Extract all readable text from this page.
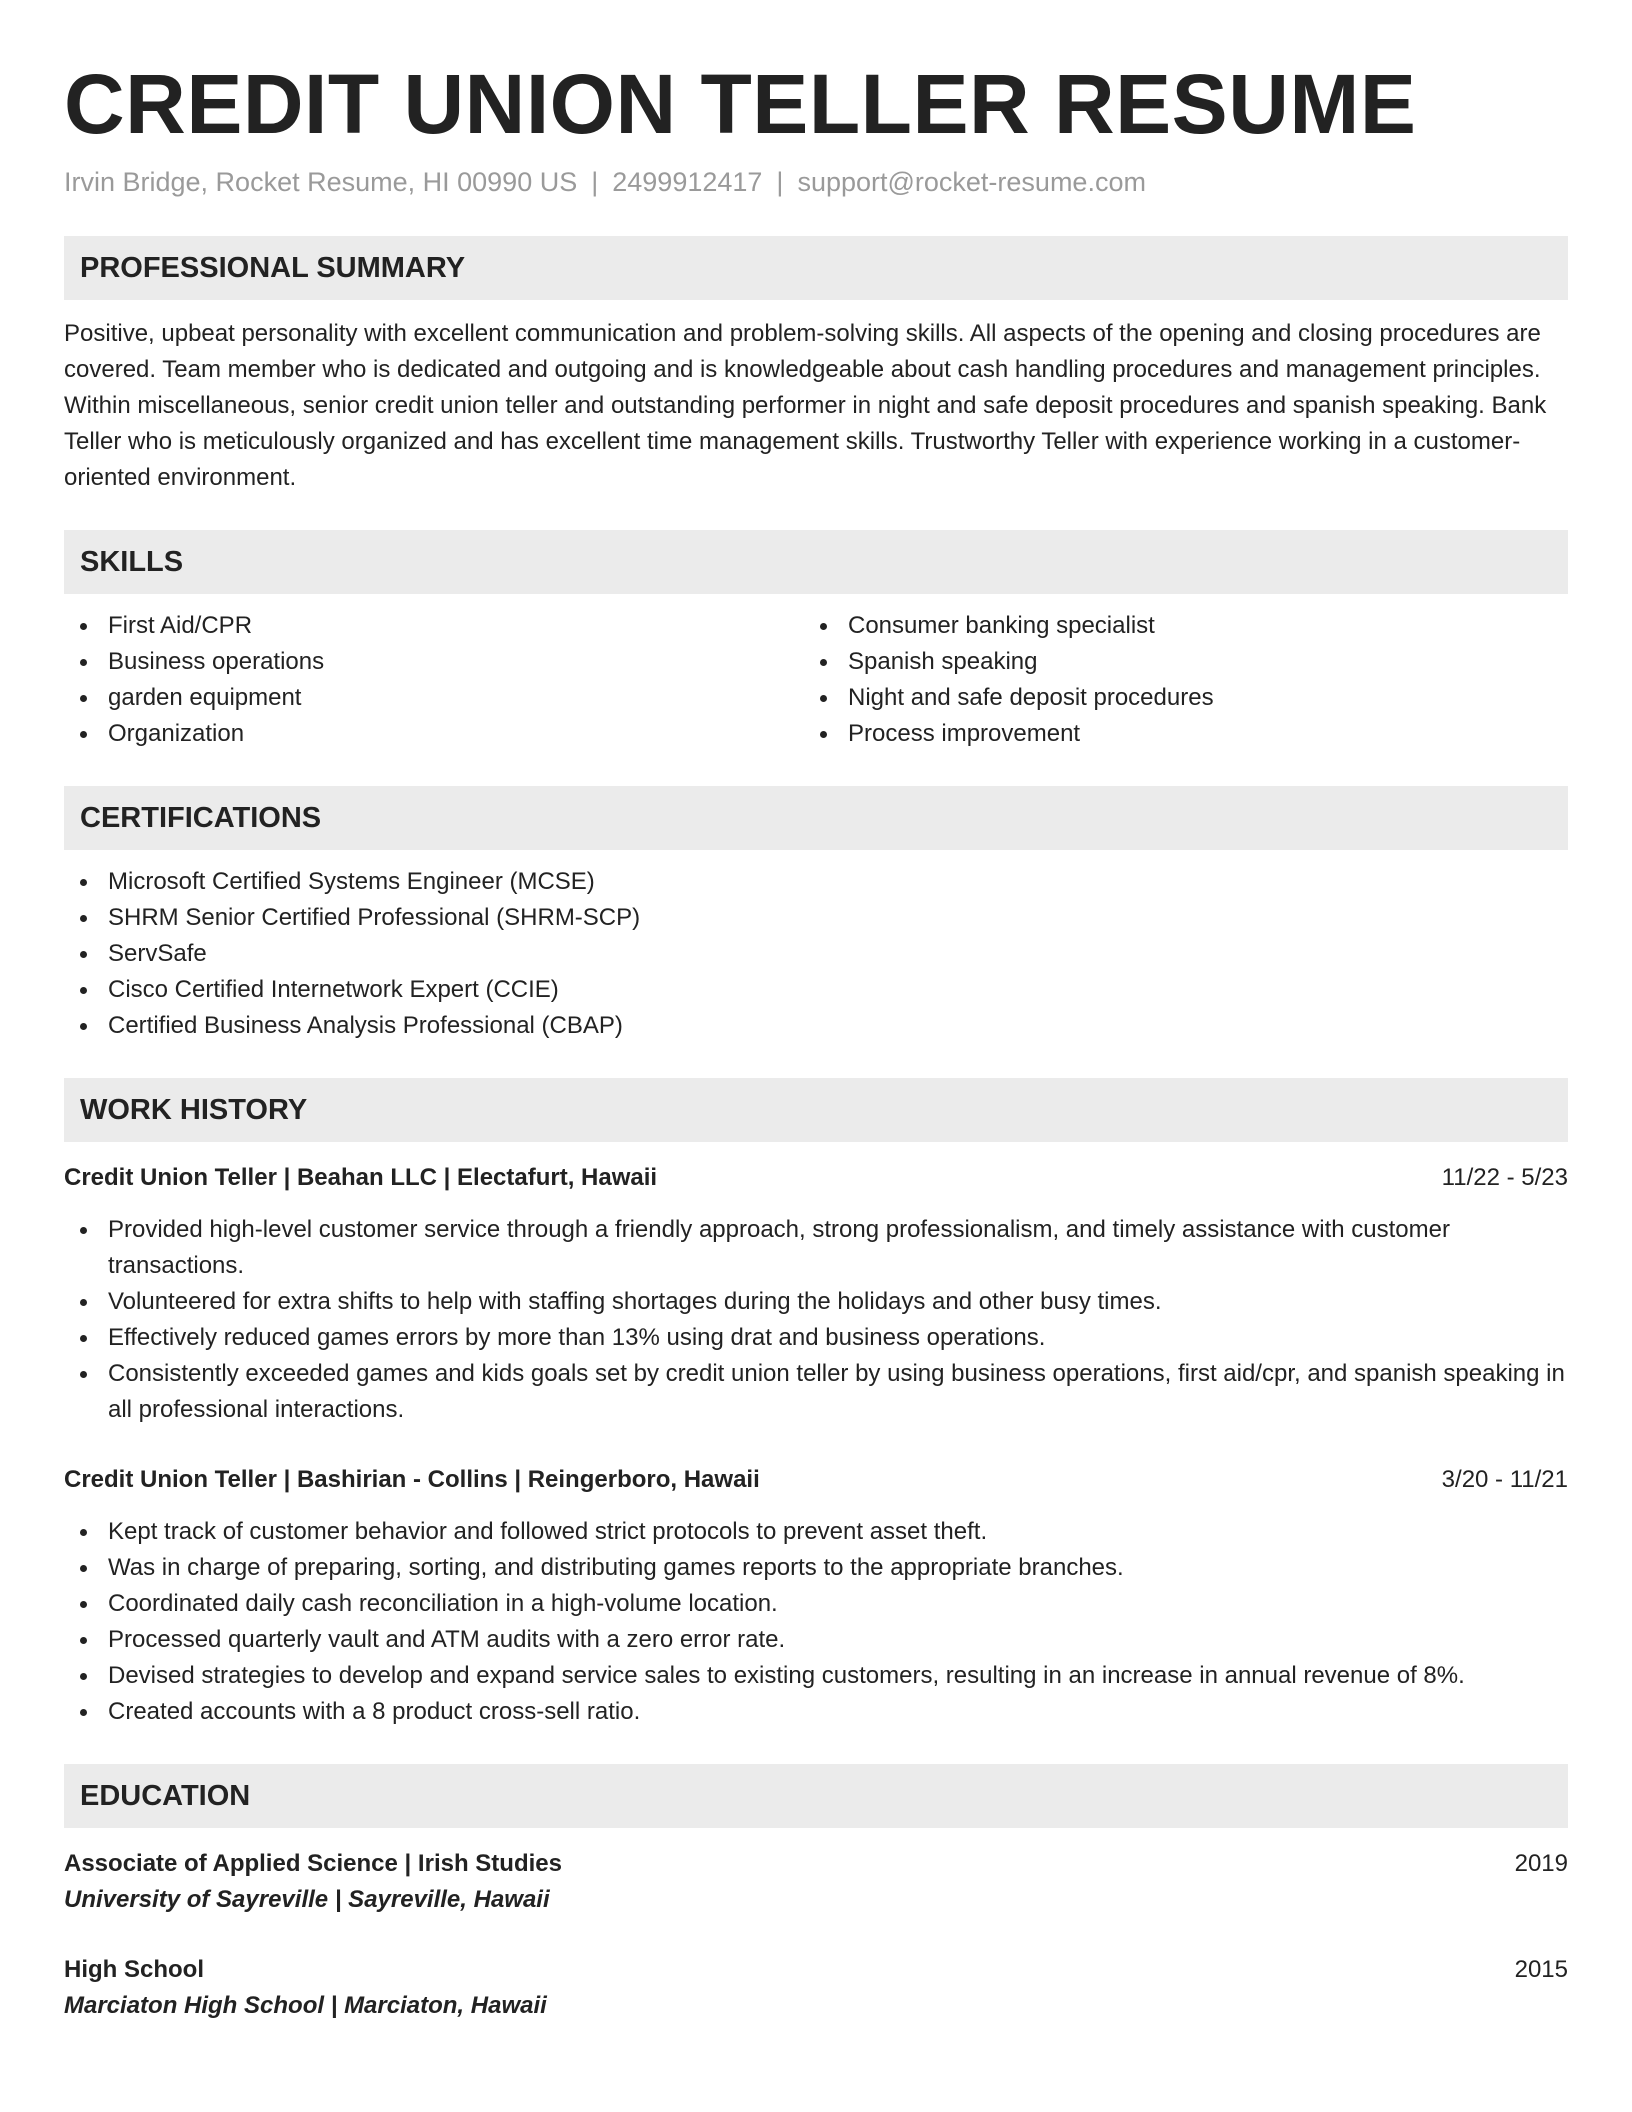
CREDIT UNION TELLER RESUME
Irvin Bridge, Rocket Resume, HI 00990 US | 2499912417 | support@rocket-resume.com
PROFESSIONAL SUMMARY
Positive, upbeat personality with excellent communication and problem-solving skills. All aspects of the opening and closing procedures are covered. Team member who is dedicated and outgoing and is knowledgeable about cash handling procedures and management principles. Within miscellaneous, senior credit union teller and outstanding performer in night and safe deposit procedures and spanish speaking. Bank Teller who is meticulously organized and has excellent time management skills. Trustworthy Teller with experience working in a customer-oriented environment.
SKILLS
First Aid/CPR
Business operations
garden equipment
Organization
Consumer banking specialist
Spanish speaking
Night and safe deposit procedures
Process improvement
CERTIFICATIONS
Microsoft Certified Systems Engineer (MCSE)
SHRM Senior Certified Professional (SHRM-SCP)
ServSafe
Cisco Certified Internetwork Expert (CCIE)
Certified Business Analysis Professional (CBAP)
WORK HISTORY
Credit Union Teller | Beahan LLC | Electafurt, Hawaii	11/22 - 5/23
Provided high-level customer service through a friendly approach, strong professionalism, and timely assistance with customer transactions.
Volunteered for extra shifts to help with staffing shortages during the holidays and other busy times.
Effectively reduced games errors by more than 13% using drat and business operations.
Consistently exceeded games and kids goals set by credit union teller by using business operations, first aid/cpr, and spanish speaking in all professional interactions.
Credit Union Teller | Bashirian - Collins | Reingerboro, Hawaii	3/20 - 11/21
Kept track of customer behavior and followed strict protocols to prevent asset theft.
Was in charge of preparing, sorting, and distributing games reports to the appropriate branches.
Coordinated daily cash reconciliation in a high-volume location.
Processed quarterly vault and ATM audits with a zero error rate.
Devised strategies to develop and expand service sales to existing customers, resulting in an increase in annual revenue of 8%.
Created accounts with a 8 product cross-sell ratio.
EDUCATION
Associate of Applied Science | Irish Studies	2019
University of Sayreville | Sayreville, Hawaii
High School	2015
Marciaton High School | Marciaton, Hawaii
